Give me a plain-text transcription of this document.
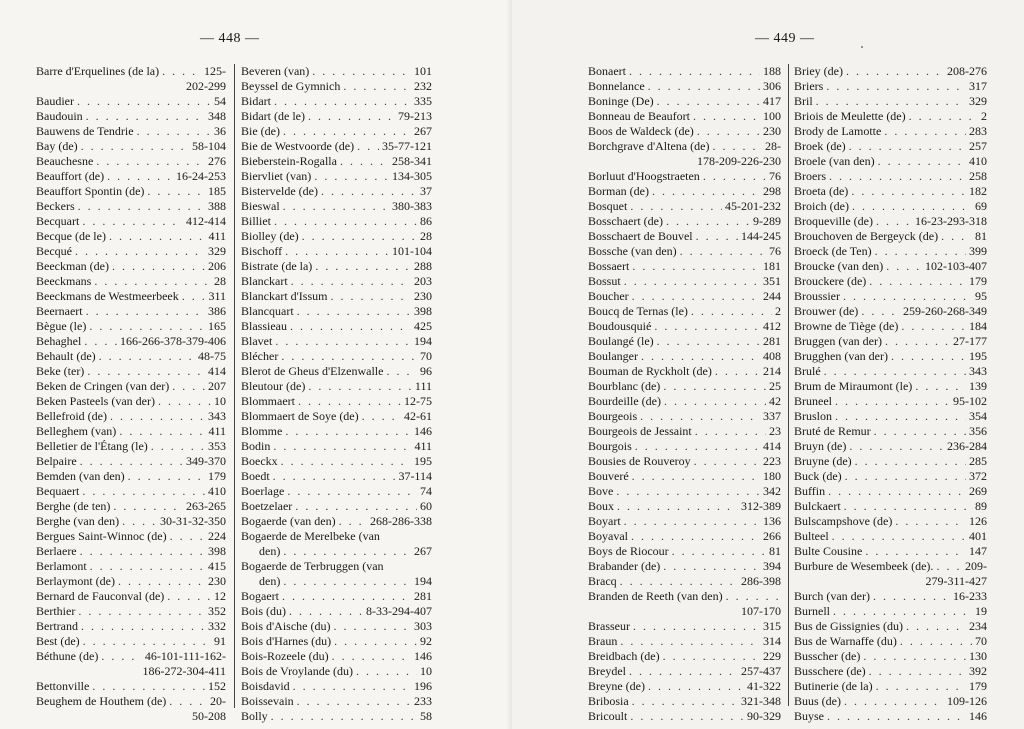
— 448 —
Barre d'Erquelines (de la) . . .	125-
202-299
Baudier . . .	54
Baudouin . . .	348
Bauwens de Tendrie . . .	36
Bay (de) . . .	58-104
Beauchesne . . .	276
Beauffort (de) . . .	16-24-253
Beauffort Spontin (de) . . .	185
Beckers . . .	388
Becquart . . .	412-414
Becque (de le) . . .	411
Becqué . . .	329
Beeckman (de) . . .	206
Beeckmans . . .	28
Beeckmans de Westmeerbeek . . . 311
Beernaert . . .	386
Bègue (le) . . .	165
Behaghel . . .	166-266-378-379-406
Behault (de) . . .	48-75
Beke (ter) . . .	414
Beken de Cringen (van der) . . .	207
Beken Pasteels (van der) . . .	10
Bellefroid (de) . . .	343
Belleghem (van) . . .	411
Belletier de l'Étang (le) . . .	353
Belpaire . . .	349-370
Bemden (van den) . . .	179
Bequaert . . .	410
Berghe (de ten) . . .	263-265
Berghe (van den) . . .	30-31-32-350
Bergues Saint-Winnoc (de) . . .	224
Berlaere . . .	398
Berlamont . . .	415
Berlaymont (de) . . .	230
Bernard de Fauconval (de) . . .	12
Berthier . . .	352
Bertrand . . .	332
Best (de) . . .	91
Béthune (de) . . .	46-101-111-162-
186-272-304-411
Bettonville . . .	152
Beughem de Houthem (de) . . .	20-
50-208
Beveren (van) . . .	101
Beyssel de Gymnich . . .	232
Bidart . . .	335
Bidart (de le) . . .	79-213
Bie (de) . . .	267
Bie de Westvoorde (de) . . . 35-77-121
Bieberstein-Rogalla . . .	258-341
Biervliet (van) . . .	134-305
Bistervelde (de) . . .	37
Bieswal . . .	380-383
Billiet . . .	86
Biolley (de) . . .	28
Bischoff . . .	101-104
Bistrate (de la) . . .	288
Blanckart . . .	203
Blanckart d'Issum . . .	230
Blancquart . . .	398
Blassieau . . .	425
Blavet . . .	194
Blécher . . .	70
Blerot de Gheus d'Elzenwalle . . .	96
Bleutour (de) . . .	111
Blommaert . . .	12-75
Blommaert de Soye (de) . . .	42-61
Blomme . . .	146
Bodin . . .	411
Boeckx . . .	195
Boedt . . .	37-114
Boerlage . . .	74
Boetzelaer . . .	60
Bogaerde (van den) . . .	268-286-338
Bogaerde de Merelbeke (van
den) . . .	267
Bogaerde de Terbruggen (van
den) . . .	194
Bogaert . . .	281
Bois (du) . . .	8-33-294-407
Bois d'Aische (du) . . .	303
Bois d'Harnes (du) . . .	92
Bois-Rozeele (du) . . .	146
Bois de Vroylande (du) . . .	10
Boisdavid . . .	196
Boissevain . . .	233
Bolly . . .	58
— 449 —
Bonaert . . .	188
Bonnelance . . .	306
Boninge (De) . . .	417
Bonneau de Beaufort . . .	100
Boos de Waldeck (de) . . .	230
Borchgrave d'Altena (de) . . .	28-
178-209-226-230
Borluut d'Hoogstraeten . . .	76
Borman (de) . . .	298
Bosquet . . .	45-201-232
Bosschaert (de) . . .	9-289
Bosschaert de Bouvel . . .	144-245
Bossche (van den) . . .	76
Bossaert . . .	181
Bossut . . .	351
Boucher . . .	244
Boucq de Ternas (le) . . .	2
Boudousquié . . .	412
Boulangé (le) . . .	281
Boulanger . . .	408
Bouman de Ryckholt (de) . . .	214
Bourblanc (de) . . .	25
Bourdeille (de) . . .	42
Bourgeois . . .	337
Bourgeois de Jessaint . . .	23
Bourgois . . .	414
Bousies de Rouveroy . . .	223
Bouveré . . .	180
Bove . . .	342
Boux . . .	312-389
Boyart . . .	136
Boyaval . . .	266
Boys de Riocour . . .	81
Brabander (de) . . .	394
Bracq . . .	286-398
Branden de Reeth (van den)
. . .
107-170
Brasseur . . .	315
Braun . . .	314
Breidbach (de) . . .	229
Breydel . . .	257-437
Breyne (de) . . .	41-322
Bribosia . . .	321-348
Bricoult . . .	90-329
Briey (de) . . .	208-276
Briers . . .	317
Bril . . .	329
Briois de Meulette (de) . . .	2
Brody de Lamotte . . .	283
Broek (de) . . .	257
Broele (van den) . . .	410
Broers . . .	258
Broeta (de) . . .	182
Broich (de) . . .	69
Broqueville (de) . . .	16-23-293-318
Brouchoven de Bergeyck (de) . . .	81
Broeck (de Ten) . . .	399
Broucke (van den) . . .	102-103-407
Brouckere (de) . . .	179
Broussier . . .	95
Brouwer (de) . . .	259-260-268-349
Browne de Tiège (de) . . .	184
Bruggen (van der) . . .	27-177
Brugghen (van der) . . .	195
Brulé . . .	343
Brum de Miraumont (le) . . .	139
Bruneel . . .	95-102
Bruslon . . .	354
Bruté de Remur . . .	356
Bruyn (de) . . .	236-284
Bruyne (de) . . .	285
Buck (de) . . .	372
Buffin . . .	269
Bulckaert . . .	89
Bulscampshove (de) . . .	126
Bulteel . . .	401
Bulte Cousine . . .	147
Burbure de Wesembeek (de). . . .	209-
279-311-427
Burch (van der) . . .	16-233
Burnell . . .	19
Bus de Gissignies (du) . . .	234
Bus de Warnaffe (du) . . .	70
Busscher (de) . . .	130
Busschere (de) . . .	392
Butinerie (de la) . . .	179
Buus (de) . . .	109-126
Buyse . . .	146
